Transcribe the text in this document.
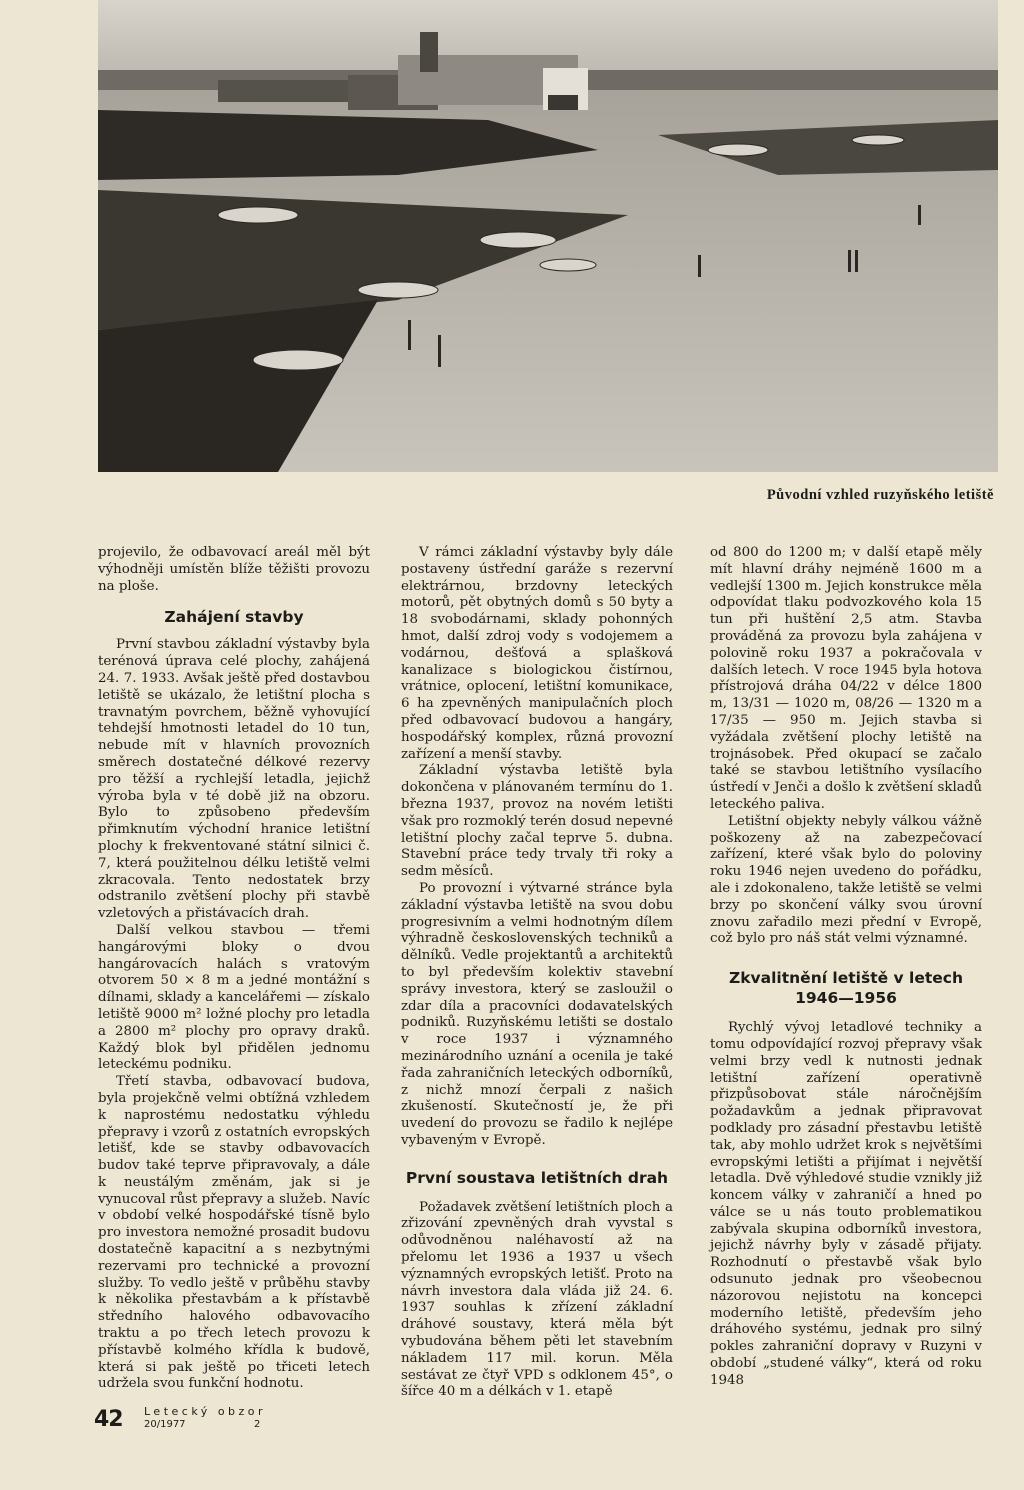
Původní vzhled ruzyňského letiště

projevilo, že odbavovací areál měl být výhodněji umístěn blíže těžišti provozu na ploše.

Zahájení stavby

První stavbou základní výstavby byla terénová úprava celé plochy, zahájená 24. 7. 1933. Avšak ještě před dostavbou letiště se ukázalo, že letištní plocha s travnatým povrchem, běžně vyhovující tehdejší hmotnosti letadel do 10 tun, nebude mít v hlavních provozních směrech dostatečné délkové rezervy pro těžší a rychlejší letadla, jejichž výroba byla v té době již na obzoru. Bylo to způsobeno především přimknutím východní hranice letištní plochy k frekventované státní silnici č. 7, která použitelnou délku letiště velmi zkracovala. Tento nedostatek brzy odstranilo zvětšení plochy při stavbě vzletových a přistávacích drah.

Další velkou stavbou — třemi hangárovými bloky o dvou hangárovacích halách s vratovým otvorem 50 × 8 m a jedné montážní s dílnami, sklady a kancelářemi — získalo letiště 9000 m² ložné plochy pro letadla a 2800 m² plochy pro opravy draků. Každý blok byl přidělen jednomu leteckému podniku.

Třetí stavba, odbavovací budova, byla projekčně velmi obtížná vzhledem k naprostému nedostatku výhledu přepravy i vzorů z ostatních evropských letišť, kde se stavby odbavovacích budov také teprve připravovaly, a dále k neustálým změnám, jak si je vynucoval růst přepravy a služeb. Navíc v období velké hospodářské tísně bylo pro investora nemožné prosadit budovu dostatečně kapacitní a s nezbytnými rezervami pro technické a provozní služby. To vedlo ještě v průběhu stavby k několika přestavbám a k přístavbě středního halového odbavovacího traktu a po třech letech provozu k přístavbě kolmého křídla k budově, která si pak ještě po třiceti letech udržela svou funkční hodnotu.

V rámci základní výstavby byly dále postaveny ústřední garáže s rezervní elektrárnou, brzdovny leteckých motorů, pět obytných domů s 50 byty a 18 svobodárnami, sklady pohonných hmot, další zdroj vody s vodojemem a vodárnou, dešťová a splašková kanalizace s biologickou čistírnou, vrátnice, oplocení, letištní komunikace, 6 ha zpevněných manipulačních ploch před odbavovací budovou a hangáry, hospodářský komplex, různá provozní zařízení a menší stavby.

Základní výstavba letiště byla dokončena v plánovaném termínu do 1. března 1937, provoz na novém letišti však pro rozmoklý terén dosud nepevné letištní plochy začal teprve 5. dubna. Stavební práce tedy trvaly tři roky a sedm měsíců.

Po provozní i výtvarné stránce byla základní výstavba letiště na svou dobu progresivním a velmi hodnotným dílem výhradně československých techniků a dělníků. Vedle projektantů a architektů to byl především kolektiv stavební správy investora, který se zasloužil o zdar díla a pracovníci dodavatelských podniků. Ruzyňskému letišti se dostalo v roce 1937 i významného mezinárodního uznání a ocenila je také řada zahraničních leteckých odborníků, z nichž mnozí čerpali z našich zkušeností. Skutečností je, že při uvedení do provozu se řadilo k nejlépe vybaveným v Evropě.

První soustava letištních drah

Požadavek zvětšení letištních ploch a zřizování zpevněných drah vyvstal s odůvodněnou naléhavostí až na přelomu let 1936 a 1937 u všech významných evropských letišť. Proto na návrh investora dala vláda již 24. 6. 1937 souhlas k zřízení základní dráhové soustavy, která měla být vybudována během pěti let stavebním nákladem 117 mil. korun. Měla sestávat ze čtyř VPD s odklonem 45°, o šířce 40 m a délkách v 1. etapě

od 800 do 1200 m; v další etapě měly mít hlavní dráhy nejméně 1600 m a vedlejší 1300 m. Jejich konstrukce měla odpovídat tlaku podvozkového kola 15 tun při huštění 2,5 atm. Stavba prováděná za provozu byla zahájena v polovině roku 1937 a pokračovala v dalších letech. V roce 1945 byla hotova přístrojová dráha 04/22 v délce 1800 m, 13/31 — 1020 m, 08/26 — 1320 m a 17/35 — 950 m. Jejich stavba si vyžádala zvětšení plochy letiště na trojnásobek. Před okupací se začalo také se stavbou letištního vysílacího ústředí v Jenči a došlo k zvětšení skladů leteckého paliva.

Letištní objekty nebyly válkou vážně poškozeny až na zabezpečovací zařízení, které však bylo do poloviny roku 1946 nejen uvedeno do pořádku, ale i zdokonaleno, takže letiště se velmi brzy po skončení války svou úrovní znovu zařadilo mezi přední v Evropě, což bylo pro náš stát velmi významné.

Zkvalitnění letiště v letech
1946—1956

Rychlý vývoj letadlové techniky a tomu odpovídající rozvoj přepravy však velmi brzy vedl k nutnosti jednak letištní zařízení operativně přizpůsobovat stále náročnějším požadavkům a jednak připravovat podklady pro zásadní přestavbu letiště tak, aby mohlo udržet krok s největšími evropskými letišti a přijímat i největší letadla. Dvě výhledové studie vznikly již koncem války v zahraničí a hned po válce se u nás touto problematikou zabývala skupina odborníků investora, jejichž návrhy byly v zásadě přijaty. Rozhodnutí o přestavbě však bylo odsunuto jednak pro všeobecnou názorovou nejistotu na koncepci moderního letiště, především jeho dráhového systému, jednak pro silný pokles zahraniční dopravy v Ruzyni v období „studené války“, která od roku 1948

42 Letecký obzor
20/1977	2
